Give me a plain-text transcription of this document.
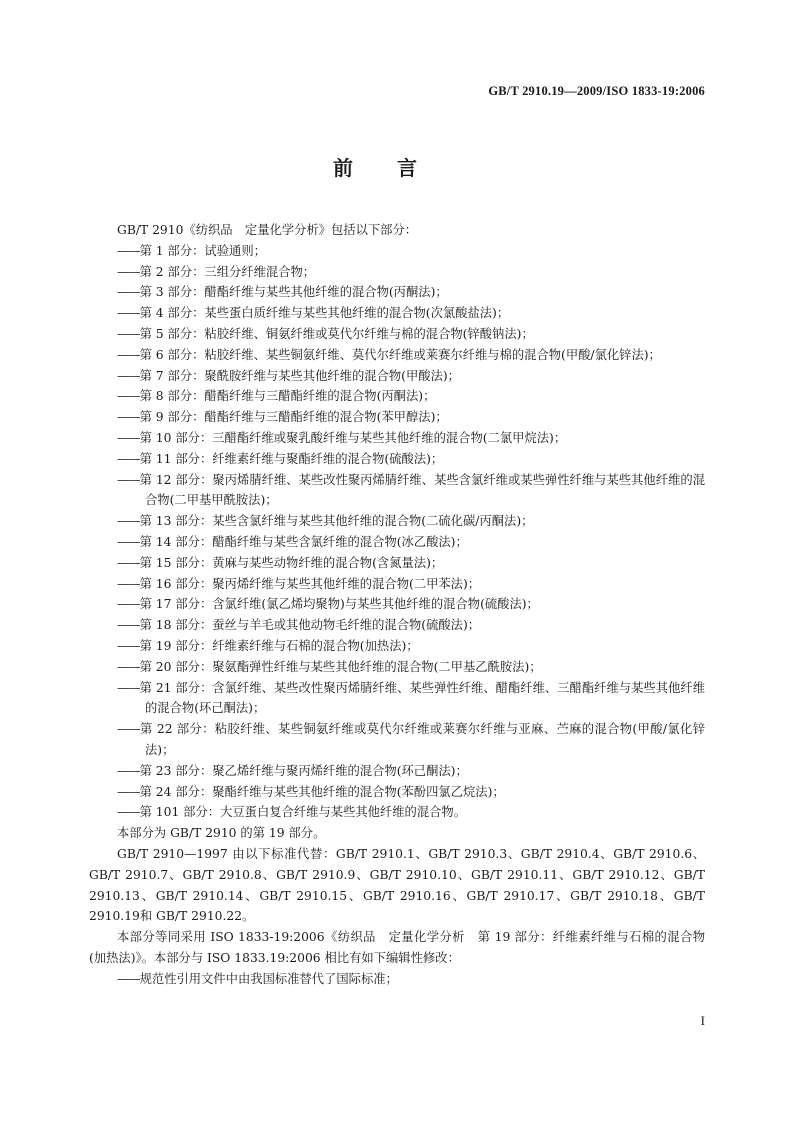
GB/T 2910.19—2009/ISO 1833-19:2006
前言
GB/T 2910《纺织品　定量化学分析》包括以下部分：
——第 1 部分：试验通则；
——第 2 部分：三组分纤维混合物；
——第 3 部分：醋酯纤维与某些其他纤维的混合物(丙酮法)；
——第 4 部分：某些蛋白质纤维与某些其他纤维的混合物(次氯酸盐法)；
——第 5 部分：粘胶纤维、铜氨纤维或莫代尔纤维与棉的混合物(锌酸钠法)；
——第 6 部分：粘胶纤维、某些铜氨纤维、莫代尔纤维或莱赛尔纤维与棉的混合物(甲酸/氯化锌法)；
——第 7 部分：聚酰胺纤维与某些其他纤维的混合物(甲酸法)；
——第 8 部分：醋酯纤维与三醋酯纤维的混合物(丙酮法)；
——第 9 部分：醋酯纤维与三醋酯纤维的混合物(苯甲醇法)；
——第 10 部分：三醋酯纤维或聚乳酸纤维与某些其他纤维的混合物(二氯甲烷法)；
——第 11 部分：纤维素纤维与聚酯纤维的混合物(硫酸法)；
——第 12 部分：聚丙烯腈纤维、某些改性聚丙烯腈纤维、某些含氯纤维或某些弹性纤维与某些其他纤维的混合物(二甲基甲酰胺法)；
——第 13 部分：某些含氯纤维与某些其他纤维的混合物(二硫化碳/丙酮法)；
——第 14 部分：醋酯纤维与某些含氯纤维的混合物(冰乙酸法)；
——第 15 部分：黄麻与某些动物纤维的混合物(含氮量法)；
——第 16 部分：聚丙烯纤维与某些其他纤维的混合物(二甲苯法)；
——第 17 部分：含氯纤维(氯乙烯均聚物)与某些其他纤维的混合物(硫酸法)；
——第 18 部分：蚕丝与羊毛或其他动物毛纤维的混合物(硫酸法)；
——第 19 部分：纤维素纤维与石棉的混合物(加热法)；
——第 20 部分：聚氨酯弹性纤维与某些其他纤维的混合物(二甲基乙酰胺法)；
——第 21 部分：含氯纤维、某些改性聚丙烯腈纤维、某些弹性纤维、醋酯纤维、三醋酯纤维与某些其他纤维的混合物(环己酮法)；
——第 22 部分：粘胶纤维、某些铜氨纤维或莫代尔纤维或莱赛尔纤维与亚麻、苎麻的混合物(甲酸/氯化锌法)；
——第 23 部分：聚乙烯纤维与聚丙烯纤维的混合物(环己酮法)；
——第 24 部分：聚酯纤维与某些其他纤维的混合物(苯酚四氯乙烷法)；
——第 101 部分：大豆蛋白复合纤维与某些其他纤维的混合物。
本部分为 GB/T 2910 的第 19 部分。
GB/T 2910—1997 由以下标准代替：GB/T 2910.1、GB/T 2910.3、GB/T 2910.4、GB/T 2910.6、GB/T 2910.7、GB/T 2910.8、GB/T 2910.9、GB/T 2910.10、GB/T 2910.11、GB/T 2910.12、GB/T 2910.13、GB/T 2910.14、GB/T 2910.15、GB/T 2910.16、GB/T 2910.17、GB/T 2910.18、GB/T 2910.19和 GB/T 2910.22。
本部分等同采用 ISO 1833-19:2006《纺织品　定量化学分析　第 19 部分：纤维素纤维与石棉的混合物(加热法)》。本部分与 ISO 1833.19:2006 相比有如下编辑性修改：
——规范性引用文件中由我国标准替代了国际标准；
I
